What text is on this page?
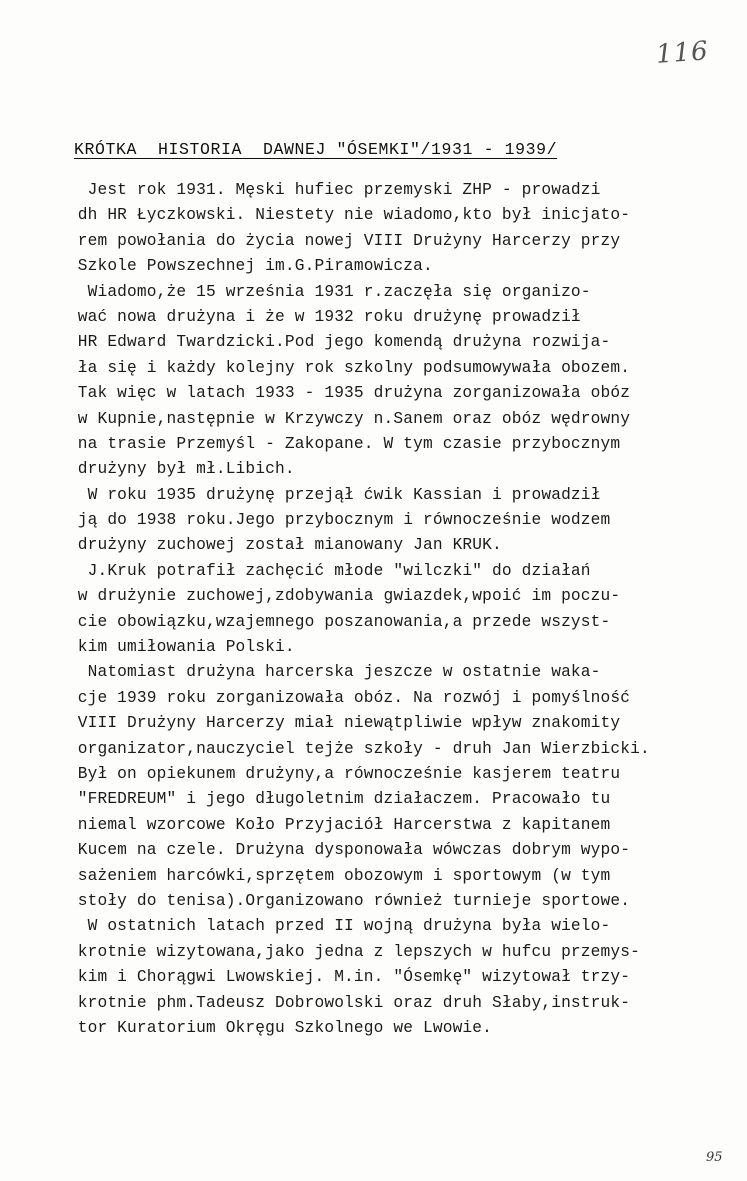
116
KRÓTKA  HISTORIA  DAWNEJ "ÓSEMKI"/1931 - 1939/
Jest rok 1931. Męski hufiec przemyski ZHP - prowadzi
dh HR Łyczkowski. Niestety nie wiadomo,kto był inicjato-
rem powołania do życia nowej VIII Drużyny Harcerzy przy
Szkole Powszechnej im.G.Piramowicza.
Wiadomo,że 15 września 1931 r.zaczęła się organizo-
wać nowa drużyna i że w 1932 roku drużynę prowadził
HR Edward Twardzicki.Pod jego komendą drużyna rozwija-
ła się i każdy kolejny rok szkolny podsumowywała obozem.
Tak więc w latach 1933 - 1935 drużyna zorganizowała obóz
w Kupnie,następnie w Krzywczy n.Sanem oraz obóz wędrowny
na trasie Przemyśl - Zakopane. W tym czasie przybocznym
drużyny był mł.Libich.
W roku 1935 drużynę przejął ćwik Kassian i prowadził
ją do 1938 roku.Jego przybocznym i równocześnie wodzem
drużyny zuchowej został mianowany Jan KRUK.
J.Kruk potrafił zachęcić młode "wilczki" do działań
w drużynie zuchowej,zdobywania gwiazdek,wpoić im poczu-
cie obowiązku,wzajemnego poszanowania,a przede wszyst-
kim umiłowania Polski.
Natomiast drużyna harcerska jeszcze w ostatnie waka-
cje 1939 roku zorganizowała obóz. Na rozwój i pomyślność
VIII Drużyny Harcerzy miał niewątpliwie wpływ znakomity
organizator,nauczyciel tejże szkoły - druh Jan Wierzbicki.
Był on opiekunem drużyny,a równocześnie kasjerem teatru
"FREDREUM" i jego długoletnim działaczem. Pracowało tu
niemal wzorcowe Koło Przyjaciół Harcerstwa z kapitanem
Kucem na czele. Drużyna dysponowała wówczas dobrym wypo-
sażeniem harcówki,sprzętem obozowym i sportowym (w tym
stoły do tenisa).Organizowano również turnieje sportowe.
W ostatnich latach przed II wojną drużyna była wielo-
krotnie wizytowana,jako jedna z lepszych w hufcu przemys-
kim i Chorągwi Lwowskiej. M.in. "Ósemkę" wizytował trzy-
krotnie phm.Tadeusz Dobrowolski oraz druh Słaby,instruk-
tor Kuratorium Okręgu Szkolnego we Lwowie.
95
